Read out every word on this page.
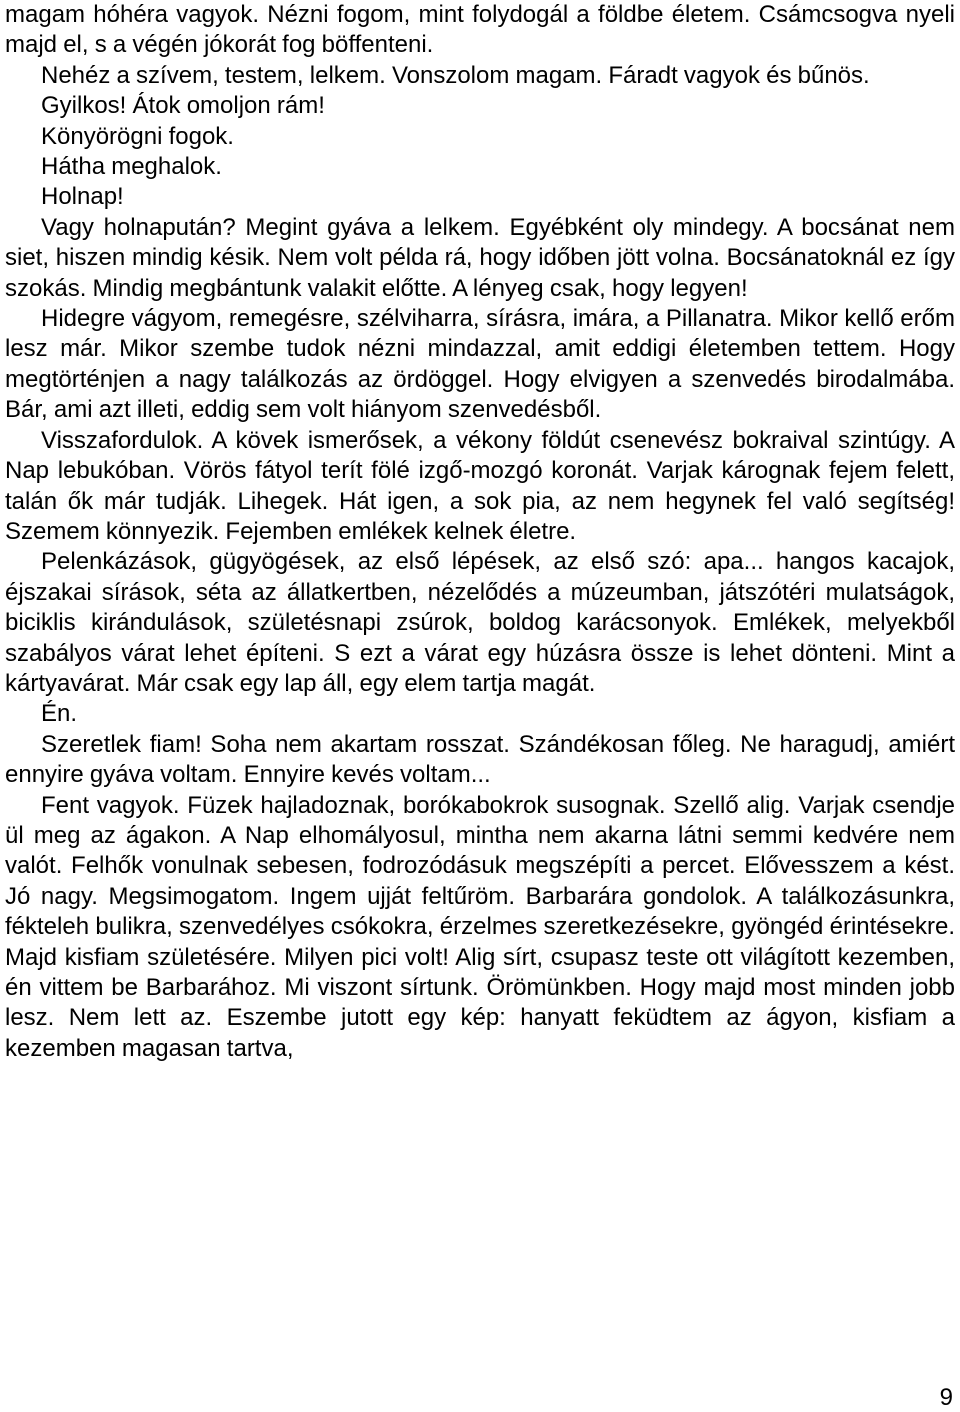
magam hóhéra vagyok. Nézni fogom, mint folydogál a földbe életem. Csámcsogva nyeli majd el, s a végén jókorát fog böffenteni.

Nehéz a szívem, testem, lelkem. Vonszolom magam. Fáradt vagyok és bűnös.

Gyilkos! Átok omoljon rám!

Könyörögni fogok.

Hátha meghalok.

Holnap!

Vagy holnapután? Megint gyáva a lelkem. Egyébként oly mindegy. A bocsánat nem siet, hiszen mindig késik. Nem volt példa rá, hogy időben jött volna. Bocsánatoknál ez így szokás. Mindig megbántunk valakit előtte. A lényeg csak, hogy legyen!

Hidegre vágyom, remegésre, szélviharra, sírásra, imára, a Pillanatra. Mikor kellő erőm lesz már. Mikor szembe tudok nézni mindazzal, amit eddigi életemben tettem. Hogy megtörténjen a nagy találkozás az ördöggel. Hogy elvigyen a szenvedés birodalmába. Bár, ami azt illeti, eddig sem volt hiányom szenvedésből.

Visszafordulok. A kövek ismerősek, a vékony földút csenevész bokraival szintúgy. A Nap lebukóban. Vörös fátyol terít fölé izgő-mozgó koronát. Varjak kárognak fejem felett, talán ők már tudják. Lihegek. Hát igen, a sok pia, az nem hegynek fel való segítség! Szemem könnyezik. Fejemben emlékek kelnek életre.

Pelenkázások, gügyögések, az első lépések, az első szó: apa... hangos kacajok, éjszakai sírások, séta az állatkertben, nézelődés a múzeumban, játszótéri mulatságok, biciklis kirándulások, születésnapi zsúrok, boldog karácsonyok. Emlékek, melyekből szabályos várat lehet építeni. S ezt a várat egy húzásra össze is lehet dönteni. Mint a kártyavárat. Már csak egy lap áll, egy elem tartja magát.

Én.

Szeretlek fiam! Soha nem akartam rosszat. Szándékosan főleg. Ne haragudj, amiért ennyire gyáva voltam. Ennyire kevés voltam...

Fent vagyok. Füzek hajladoznak, borókabokrok susognak. Szellő alig. Varjak csendje ül meg az ágakon. A Nap elhomályosul, mintha nem akarna látni semmi kedvére nem valót. Felhők vonulnak sebesen, fodrozódásuk megszépíti a percet. Elővesszem a kést. Jó nagy. Megsimogatom. Ingem ujját feltűröm. Barbarára gondolok. A találkozásunkra, fékteleh bulikra, szenvedélyes csókokra, érzelmes szeretkezésekre, gyöngéd érintésekre. Majd kisfiam születésére. Milyen pici volt! Alig sírt, csupasz teste ott világított kezemben, én vittem be Barbarához. Mi viszont sírtunk. Örömünkben. Hogy majd most minden jobb lesz. Nem lett az. Eszembe jutott egy kép: hanyatt feküdtem az ágyon, kisfiam a kezemben magasan tartva,

9
